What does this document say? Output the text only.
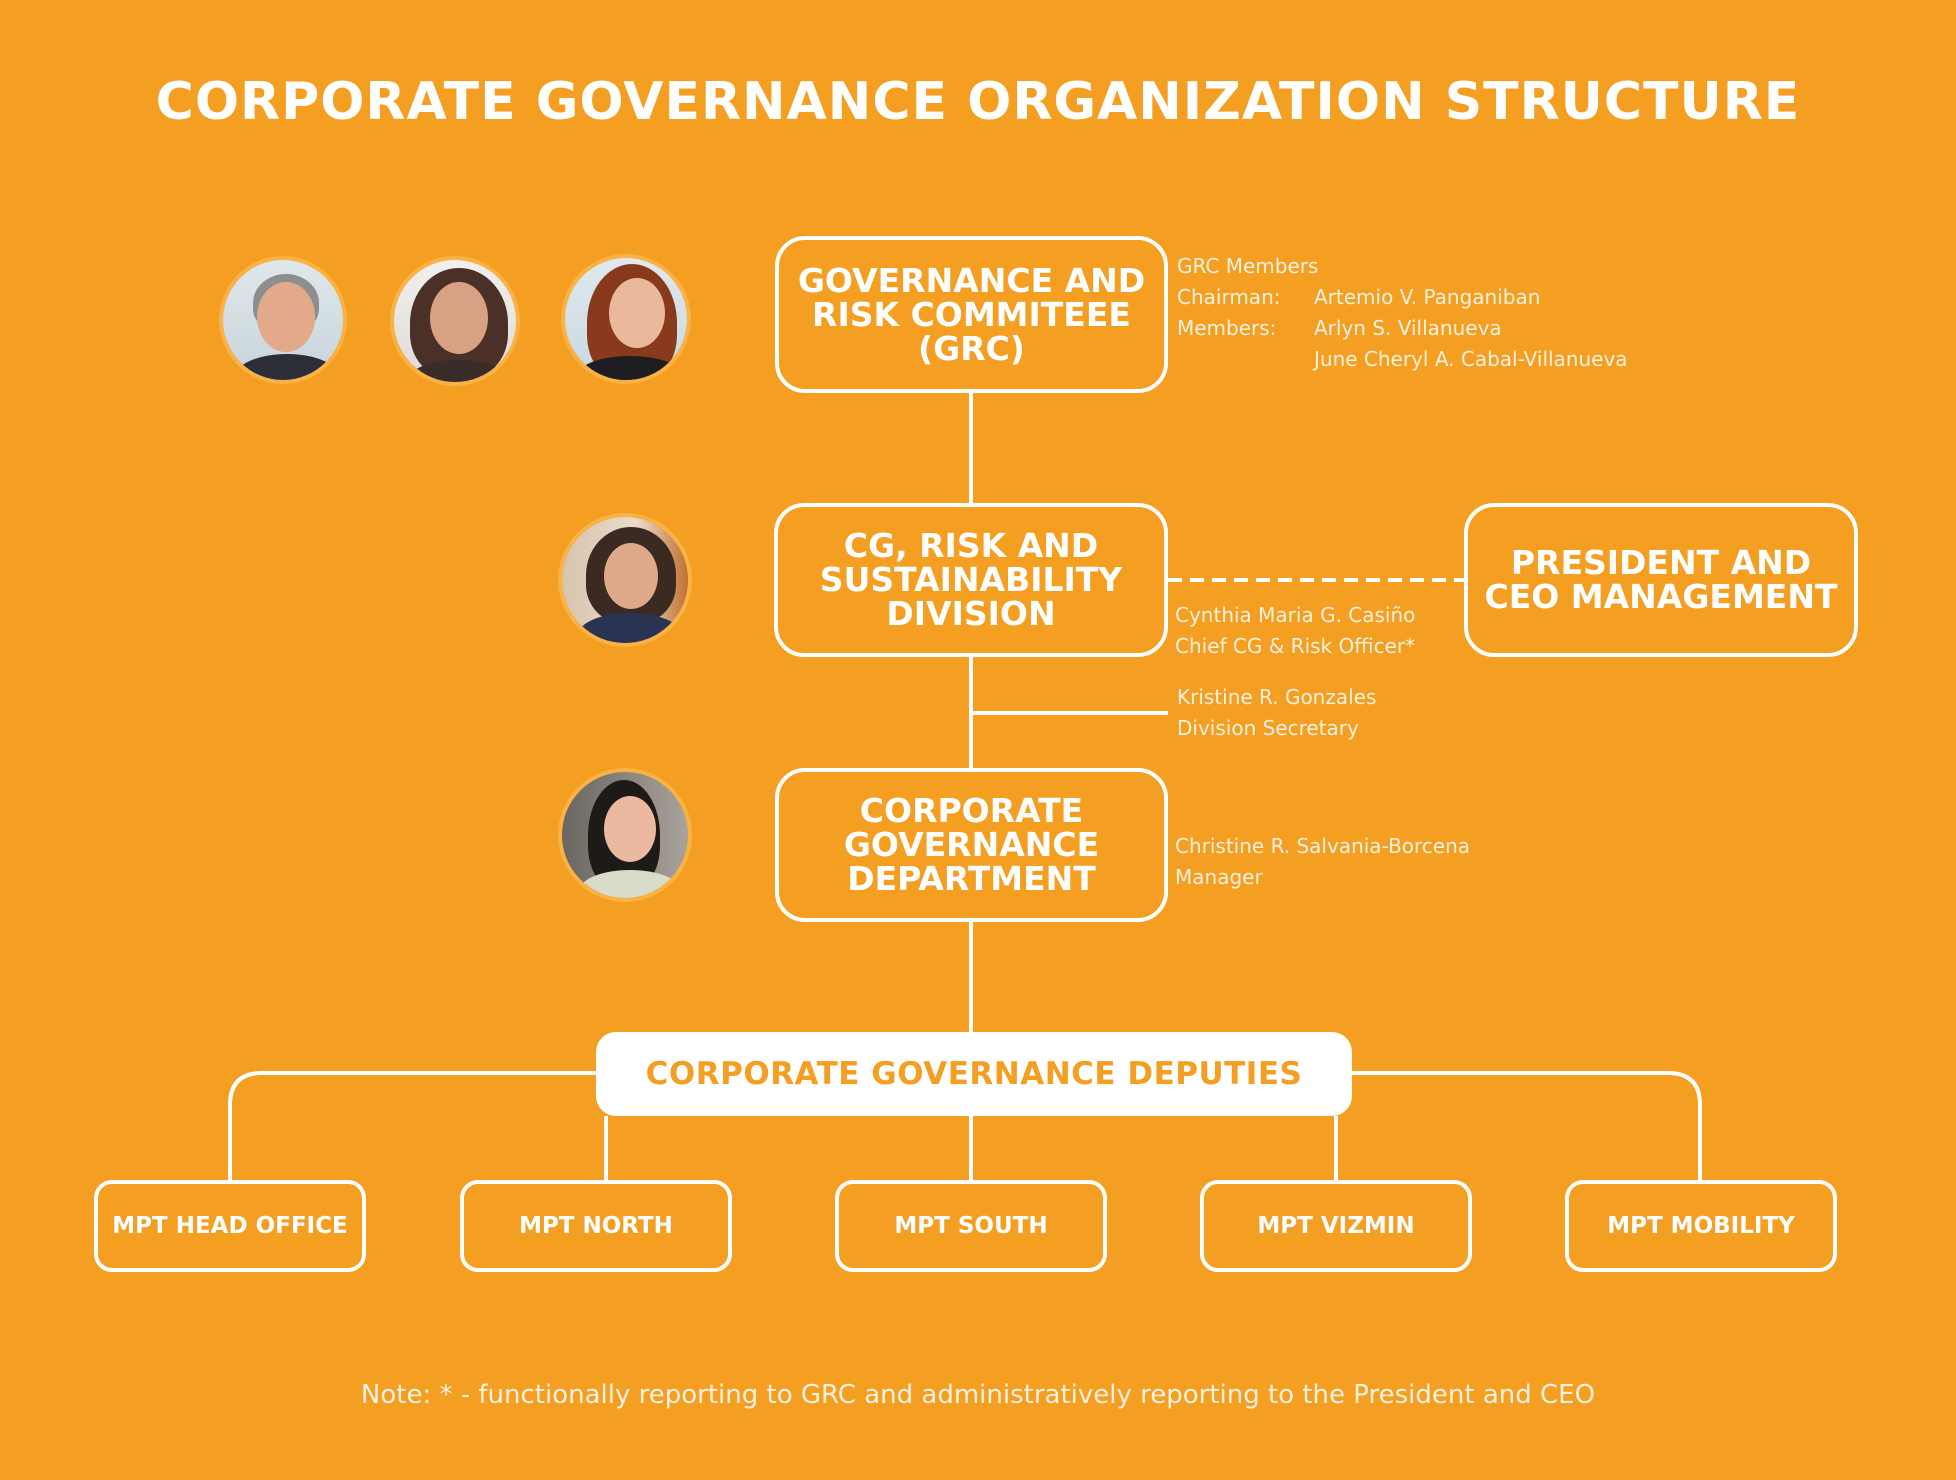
CORPORATE GOVERNANCE ORGANIZATION STRUCTURE
GOVERNANCE AND
RISK COMMITEEE
(GRC)
GRC Members
Chairman:	Artemio V. Panganiban
Members:	Arlyn S. Villanueva
June Cheryl A. Cabal-Villanueva
CG, RISK AND
SUSTAINABILITY
DIVISION	Cynthia Maria G. Casiño
Chief CG & Risk Officer*
Kristine R. Gonzales
Division Secretary
PRESIDENT AND
CEO MANAGEMENT
CORPORATE
GOVERNANCE
DEPARTMENT
Christine R. Salvania-Borcena
Manager
CORPORATE GOVERNANCE DEPUTIES
MPT HEAD OFFICE	MPT NORTH	MPT SOUTH	MPT VIZMIN	MPT MOBILITY
Note: * - functionally reporting to GRC and administratively reporting to the President and CEO
